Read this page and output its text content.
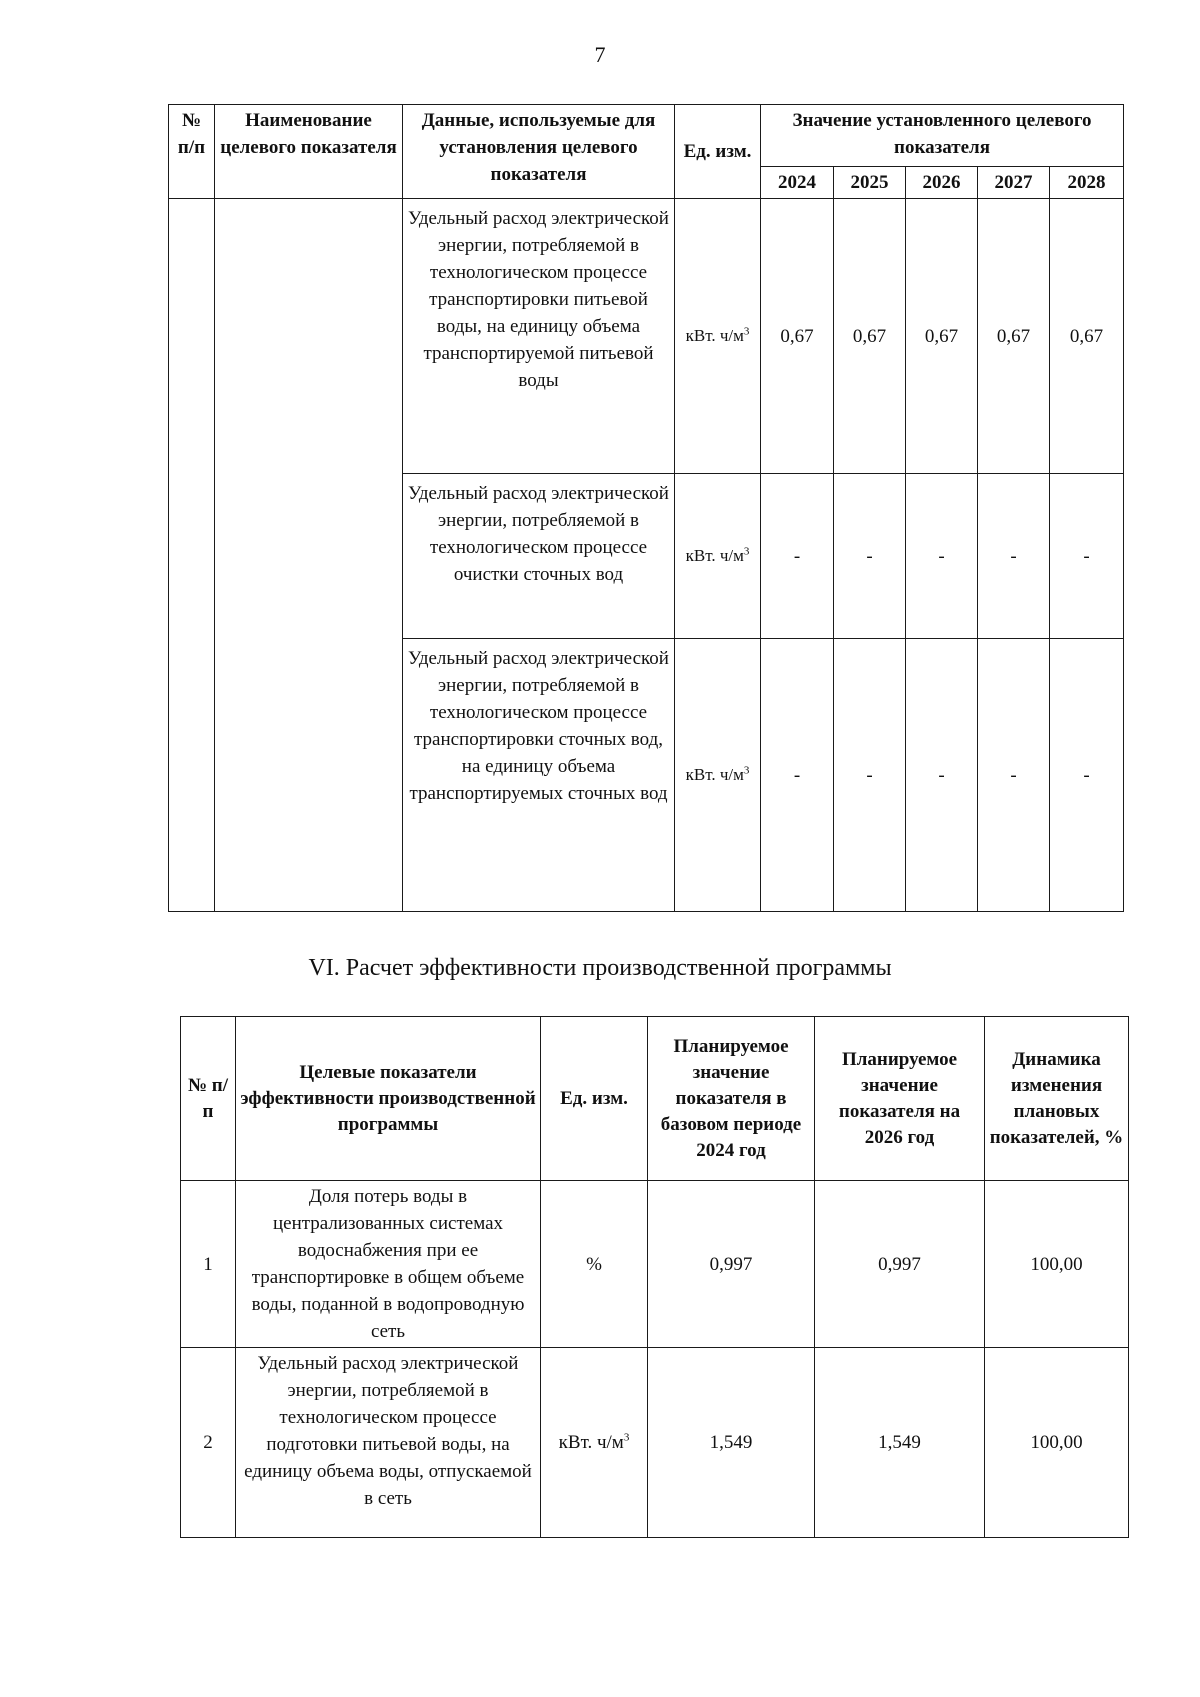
7
№ п/п	Наименование целевого показателя	Данные, используемые для установления целевого показателя	Ед. изм.	Значение установленного целевого показателя				
				2024	2025	2026	2027	2028
		Удельный расход электрической энергии, потребляемой в технологическом процессе транспортировки питьевой воды, на единицу объема транспортируемой питьевой воды	кВт. $ч/м^3$	0,67	0,67	0,67	0,67	0,67
		Удельный расход электрической энергии, потребляемой в технологическом процессе очистки сточных вод	кВт. $ч/м^3$	-	-	-	-	-
		Удельный расход электрической энергии, потребляемой в технологическом процессе транспортировки сточных вод, на единицу объема транспортируемых сточных вод	кВт. $ч/м^3$	-	-	-	-	-
VI. Расчет эффективности производственной программы
№ п/п	Целевые показатели эффективности производственной программы	Ед. изм.	Планируемое значение показателя в базовом периоде 2024 год	Планируемое значение показателя на 2026 год	Динамика изменения плановых показателей, %
1	Доля потерь воды в централизованных системах водоснабжения при ее транспортировке в общем объеме воды, поданной в водопроводную сеть	%	0,997	0,997	100,00
2	Удельный расход электрической энергии, потребляемой в технологическом процессе подготовки питьевой воды, на единицу объема воды, отпускаемой в сеть	кВт. $ч/м^3$	1,549	1,549	100,00
